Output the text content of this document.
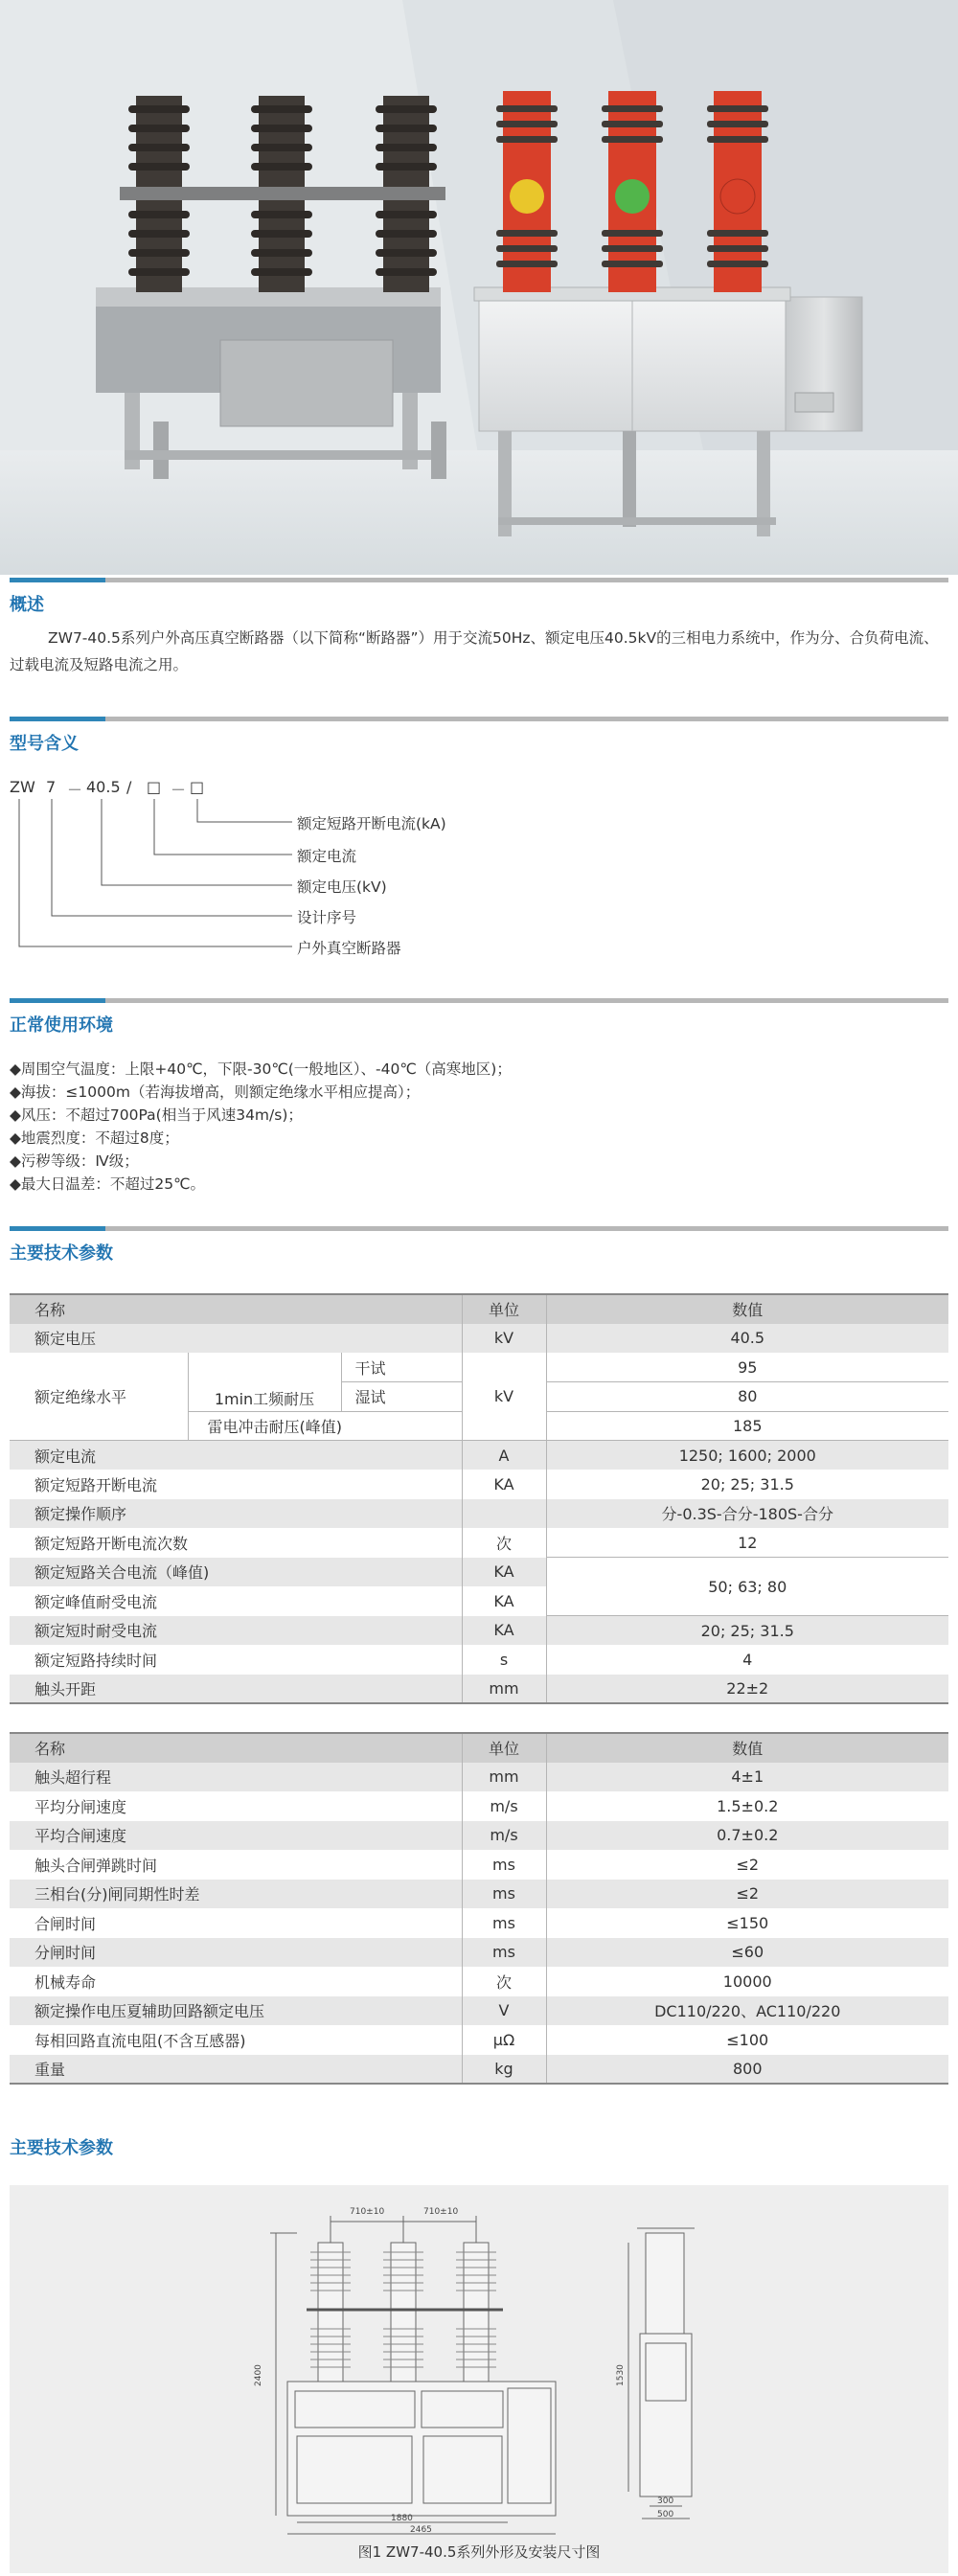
概述

ZW7-40.5系列户外高压真空断路器（以下简称“断路器”）用于交流50Hz、额定电压40.5kV的三相电力系统中，作为分、合负荷电流、过载电流及短路电流之用。

型号含义
ZW 7 － 40.5 / □ － □
额定短路开断电流(kA)
额定电流
额定电压(kV)
设计序号
户外真空断路器
正常使用环境
◆周围空气温度：上限+40℃，下限-30℃(一般地区）、-40℃（高寒地区)；
◆海拔：≤1000m（若海拔增高，则额定绝缘水平相应提高）；
◆风压：不超过700Pa(相当于风速34m/s)；
◆地震烈度：不超过8度；
◆污秽等级：Ⅳ级；
◆最大日温差：不超过25℃。
主要技术参数
名称			单位	数值
额定电压			kV	40.5
额定绝缘水平	1min工频耐压	干试	kV	95
		湿试		80
	雷电冲击耐压(峰值)			185
额定电流			A	1250; 1600; 2000
额定短路开断电流			KA	20; 25; 31.5
额定操作顺序				分-0.3S-合分-180S-合分
额定短路开断电流次数			次	12
额定短路关合电流（峰值)			KA	50; 63; 80
额定峰值耐受电流			KA	
额定短时耐受电流			KA	20; 25; 31.5
额定短路持续时间			s	4
触头开距			mm	22±2
名称	单位	数值
触头超行程	mm	4±1
平均分闸速度	m/s	1.5±0.2
平均合闸速度	m/s	0.7±0.2
触头合闸弹跳时间	ms	≤2
三相台(分)闸同期性时差	ms	≤2
合闸时间	ms	≤150
分闸时间	ms	≤60
机械寿命	次	10000
额定操作电压夏辅助回路额定电压	V	DC110/220、AC110/220
每相回路直流电阻(不含互感器)	μΩ	≤100
重量	kg	800
主要技术参数
710±10	710±10
2400	1530
1880
2465
300
500
图1 ZW7-40.5系列外形及安装尺寸图
